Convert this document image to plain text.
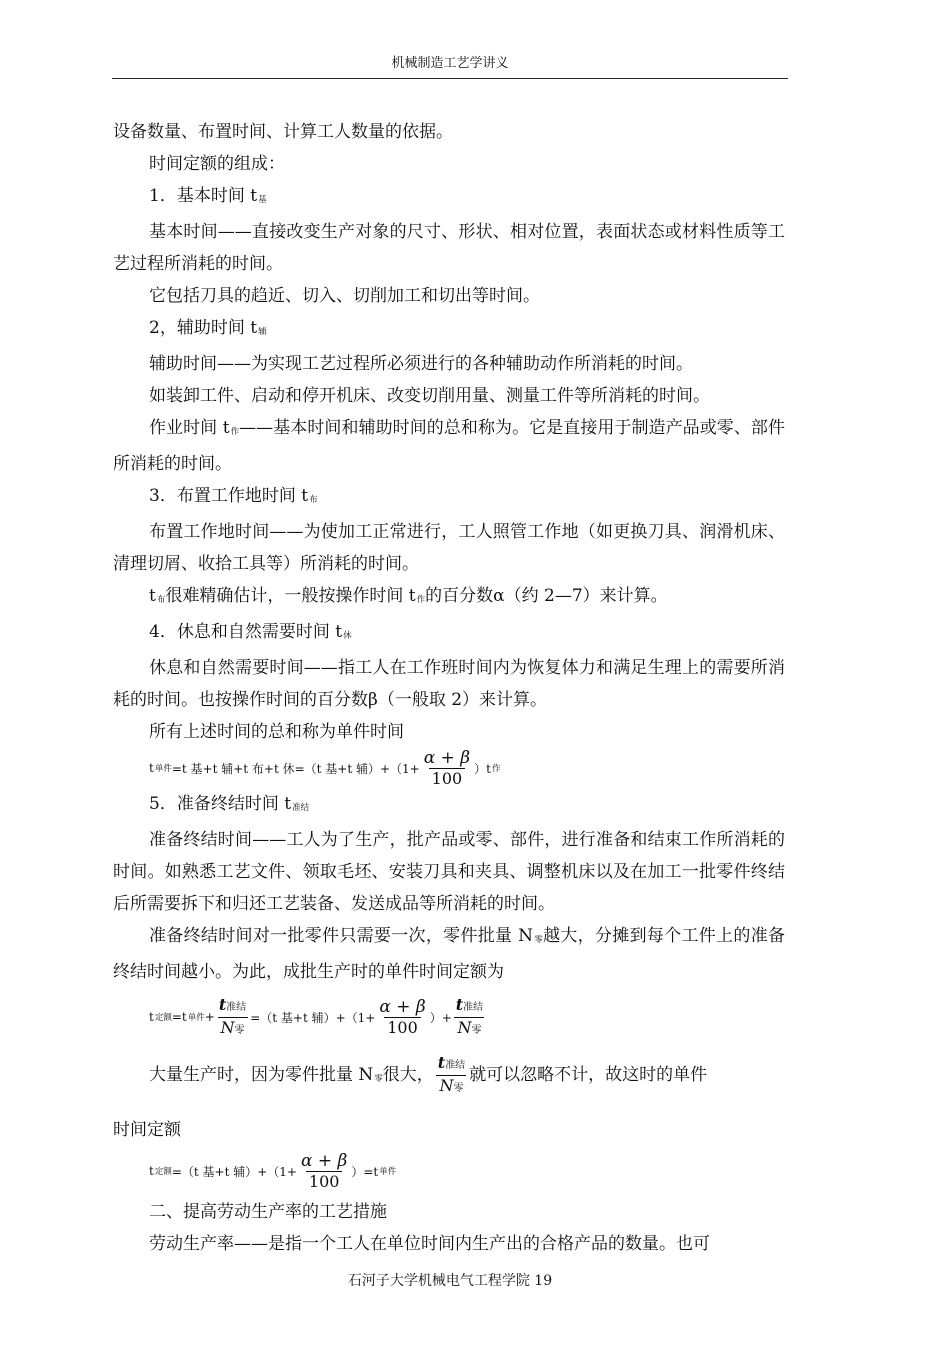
机械制造工艺学讲义

设备数量、布置时间、计算工人数量的依据。

时间定额的组成：

1．基本时间 $t_基$

基本时间——直接改变生产对象的尺寸、形状、相对位置，表面状态或材料性质等工艺过程所消耗的时间。

它包括刀具的趋近、切入、切削加工和切出等时间。

2，辅助时间 $t_辅$

辅助时间——为实现工艺过程所必须进行的各种辅助动作所消耗的时间。

如装卸工件、启动和停开机床、改变切削用量、测量工件等所消耗的时间。

作业时间 $t_作——$基本时间和辅助时间的总和称为。它是直接用于制造产品或零、部件所消耗的时间。

3．布置工作地时间 $t_布$

布置工作地时间——为使加工正常进行，工人照管工作地（如更换刀具、润滑机床、清理切屑、收拾工具等）所消耗的时间。

$t_布$很难精确估计，一般按操作时间 $t_作$的百分数α（约 2—7）来计算。

4．休息和自然需要时间 $t_休$

休息和自然需要时间——指工人在工作班时间内为恢复体力和满足生理上的需要所消耗的时间。也按操作时间的百分数β（一般取 2）来计算。

所有上述时间的总和称为单件时间

t 单件 =t 基+t 辅+t 布+t 休=（t 基+t 辅）$+(1+ \frac{\alpha + \beta}{100} )t$ 作

5．准备终结时间 $t_{准结}$

准备终结时间——工人为了生产，批产品或零、部件，进行准备和结束工作所消耗的时间。如熟悉工艺文件、领取毛坯、安装刀具和夹具、调整机床以及在加工一批零件终结后所需要拆下和归还工艺装备、发送成品等所消耗的时间。

准备终结时间对一批零件只需要一次，零件批量 $N_零$越大，分摊到每个工件上的准备终结时间越小。为此，成批生产时的单件时间定额为

t 定额 =t 单件 + $\frac{\text{t准结}}{\text{N零}} =(t$ 基+t 辅）$+(1+ \frac{\alpha + \beta}{100}$ ）+ $\frac{\text{t准结}}{\text{N零}}$

大量生产时，因为零件批量 $N_零$很大， $\frac{\text{t准结}}{\text{N零}}$ 就可以忽略不计，故这时的单件

时间定额

t 定额 =（t 基+t 辅）$+(1+ \frac{\alpha + \beta}{100} )=t$ 单件

二、提高劳动生产率的工艺措施

劳动生产率——是指一个工人在单位时间内生产出的合格产品的数量。也可

石河子大学机械电气工程学院 19
